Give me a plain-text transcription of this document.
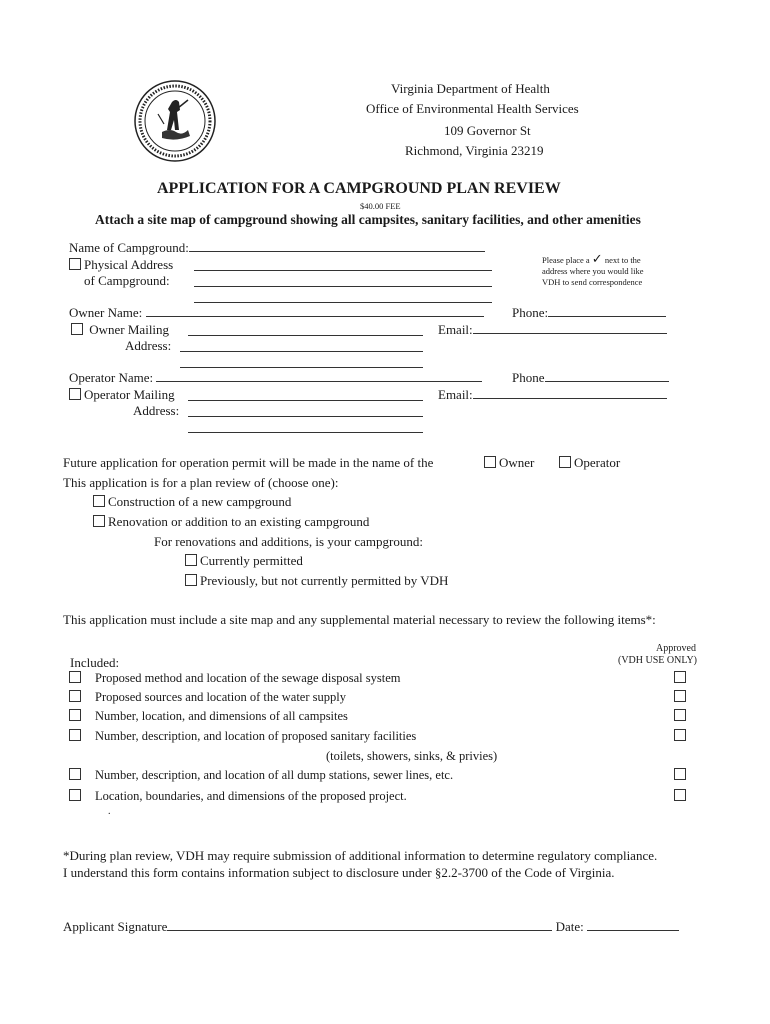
Virginia Department of Health
Office of Environmental Health Services
109 Governor St
Richmond, Virginia 23219
APPLICATION FOR A CAMPGROUND PLAN REVIEW
$40.00 FEE
Attach a site map of campground showing all campsites, sanitary facilities, and other amenities
Name of Campground:
Physical Address
of Campground:
Please place a ✓ next to the
address where you would like
VDH to send correspondence
Owner Name:	Phone:
Owner Mailing	Email:
Address:
Operator Name:	Phone
Operator Mailing	Email:
Address:
Future application for operation permit will be made in the name of the	Owner	Operator
This application is for a plan review of (choose one):
Construction of a new campground
Renovation or addition to an existing campground
For renovations and additions, is your campground:
Currently permitted
Previously, but not currently permitted by VDH
This application must include a site map and any supplemental material necessary to review the following items*:
Approved
(VDH USE ONLY)
Included:
Proposed method and location of the sewage disposal system
Proposed sources and location of the water supply
Number, location, and dimensions of all campsites
Number, description, and location of proposed sanitary facilities
(toilets, showers, sinks, & privies)
Number, description, and location of all dump stations, sewer lines, etc.
Location, boundaries, and dimensions of the proposed project.
.
*During plan review, VDH may require submission of additional information to determine regulatory compliance.
I understand this form contains information subject to disclosure under §2.2-3700 of the Code of Virginia.
Applicant Signature	Date:
